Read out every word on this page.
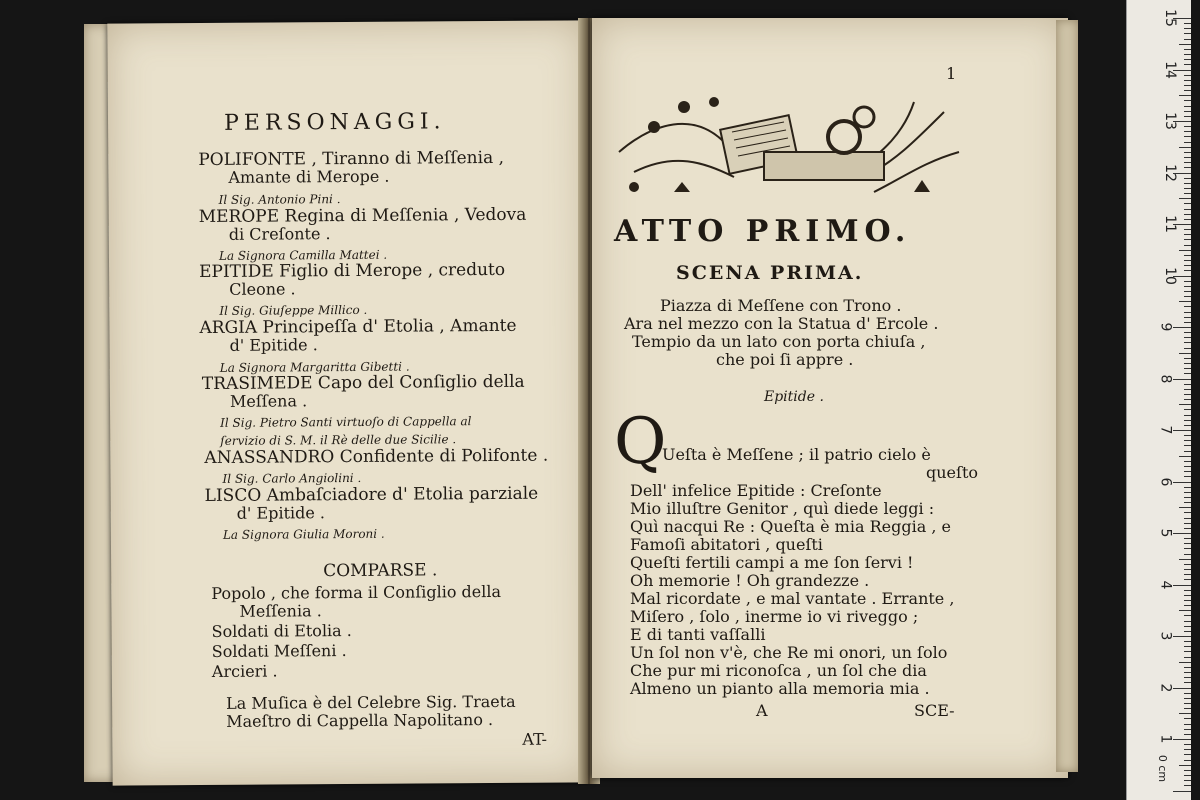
PERSONAGGI.
POLIFONTE , Tiranno di Meſſenia ,
Amante di Merope .
Il Sig. Antonio Pini .
MEROPE Regina di Meſſenia , Vedova
di Creſonte .
La Signora Camilla Mattei .
EPITIDE Figlio di Merope , creduto
Cleone .
Il Sig. Giuſeppe Millico .
ARGIA Principeſſa d' Etolia , Amante
d' Epitide .
La Signora Margaritta Gibetti .
TRASIMEDE Capo del Conſiglio della
Meſſena .
Il Sig. Pietro Santi virtuoſo di Cappella al
ſervizio di S. M. il Rè delle due Sicilie .
ANASSANDRO Confidente di Polifonte .
Il Sig. Carlo Angiolini .
LISCO Ambaſciadore d' Etolia parziale
d' Epitide .
La Signora Giulia Moroni .
COMPARSE .
Popolo , che forma il Conſiglio della
Meſſenia .
Soldati di Etolia .
Soldati Meſſeni .
Arcieri .
La Muſica è del Celebre Sig. Traeta
Maeſtro di Cappella Napolitano .
AT-
1
ATTO PRIMO.
SCENA PRIMA.
Piazza di Meſſene con Trono .
Ara nel mezzo con la Statua d' Ercole .
Tempio da un lato con porta chiuſa ,
che poi ſi appre .
Epitide .
Q
Ueſta è Meſſene ; il patrio cielo è
queſto
Dell' infelice Epitide : Creſonte
Mio illuſtre Genitor , quì diede leggi :
Quì nacqui Re : Queſta è mia Reggia , e
Famoſi abitatori , queſti
Queſti fertili campi a me ſon ſervi !
Oh memorie ! Oh grandezze .
Mal ricordate , e mal vantate . Errante ,
Miſero , ſolo , inerme io vi riveggo ;
E di tanti vaſſalli
Un ſol non v'è, che Re mi onori, un ſolo
Che pur mi riconoſca , un ſol che dia
Almeno un pianto alla memoria mia .
A	SCE-
15
14
13
12
11
10
9
8
7
6
5
4
3
2
1
0 cm
